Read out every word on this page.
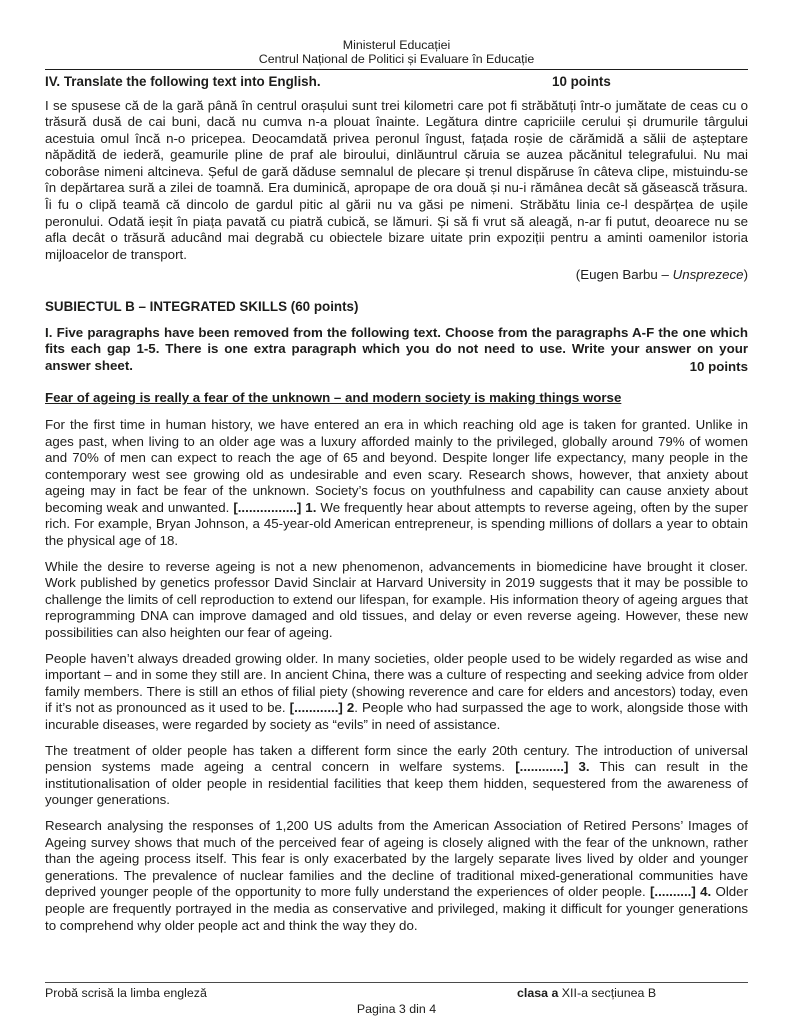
Ministerul Educației
Centrul Național de Politici și Evaluare în Educație
IV. Translate the following text into English.	10 points

I se spusese că de la gară până în centrul orașului sunt trei kilometri care pot fi străbătuți într-o jumătate de ceas cu o trăsură dusă de cai buni, dacă nu cumva n-a plouat înainte. Legătura dintre capriciile cerului și drumurile târgului acestuia omul încă n-o pricepea. Deocamdată privea peronul îngust, fațada roșie de cărămidă a sălii de așteptare năpădită de iederă, geamurile pline de praf ale biroului, dinlăuntrul căruia se auzea păcănitul telegrafului. Nu mai coborâse nimeni altcineva. Șeful de gară dăduse semnalul de plecare și trenul dispăruse în câteva clipe, mistuindu-se în depărtarea sură a zilei de toamnă. Era duminică, apropape de ora două și nu-i rămânea decât să găsească trăsura. Îi fu o clipă teamă că dincolo de gardul pitic al gării nu va găsi pe nimeni. Străbătu linia ce-l despărțea de ușile peronului. Odată ieșit în piața pavată cu piatră cubică, se lămuri. Și să fi vrut să aleagă, n-ar fi putut, deoarece nu se afla decât o trăsură aducând mai degrabă cu obiectele bizare uitate prin expoziții pentru a aminti oamenilor istoria mijloacelor de transport.

(Eugen Barbu – Unsprezece)

SUBIECTUL B – INTEGRATED SKILLS (60 points)

I. Five paragraphs have been removed from the following text. Choose from the paragraphs A-F the one which fits each gap 1-5. There is one extra paragraph which you do not need to use. Write your answer on your answer sheet.	10 points

Fear of ageing is really a fear of the unknown – and modern society is making things worse

For the first time in human history, we have entered an era in which reaching old age is taken for granted. Unlike in ages past, when living to an older age was a luxury afforded mainly to the privileged, globally around 79% of women and 70% of men can expect to reach the age of 65 and beyond. Despite longer life expectancy, many people in the contemporary west see growing old as undesirable and even scary. Research shows, however, that anxiety about ageing may in fact be fear of the unknown. Society’s focus on youthfulness and capability can cause anxiety about becoming weak and unwanted. [................] 1. We frequently hear about attempts to reverse ageing, often by the super rich. For example, Bryan Johnson, a 45-year-old American entrepreneur, is spending millions of dollars a year to obtain the physical age of 18.

While the desire to reverse ageing is not a new phenomenon, advancements in biomedicine have brought it closer. Work published by genetics professor David Sinclair at Harvard University in 2019 suggests that it may be possible to challenge the limits of cell reproduction to extend our lifespan, for example. His information theory of ageing argues that reprogramming DNA can improve damaged and old tissues, and delay or even reverse ageing. However, these new possibilities can also heighten our fear of ageing.

People haven’t always dreaded growing older. In many societies, older people used to be widely regarded as wise and important – and in some they still are. In ancient China, there was a culture of respecting and seeking advice from older family members. There is still an ethos of filial piety (showing reverence and care for elders and ancestors) today, even if it’s not as pronounced as it used to be. [............] 2. People who had surpassed the age to work, alongside those with incurable diseases, were regarded by society as “evils” in need of assistance.

The treatment of older people has taken a different form since the early 20th century. The introduction of universal pension systems made ageing a central concern in welfare systems. [............] 3. This can result in the institutionalisation of older people in residential facilities that keep them hidden, sequestered from the awareness of younger generations.

Research analysing the responses of 1,200 US adults from the American Association of Retired Persons’ Images of Ageing survey shows that much of the perceived fear of ageing is closely aligned with the fear of the unknown, rather than the ageing process itself. This fear is only exacerbated by the largely separate lives lived by older and younger generations. The prevalence of nuclear families and the decline of traditional mixed-generational communities have deprived younger people of the opportunity to more fully understand the experiences of older people. [..........] 4. Older people are frequently portrayed in the media as conservative and privileged, making it difficult for younger generations to comprehend why older people act and think the way they do.

Probă scrisă la limba engleză	clasa a XII-a secțiunea B
Pagina 3 din 4
